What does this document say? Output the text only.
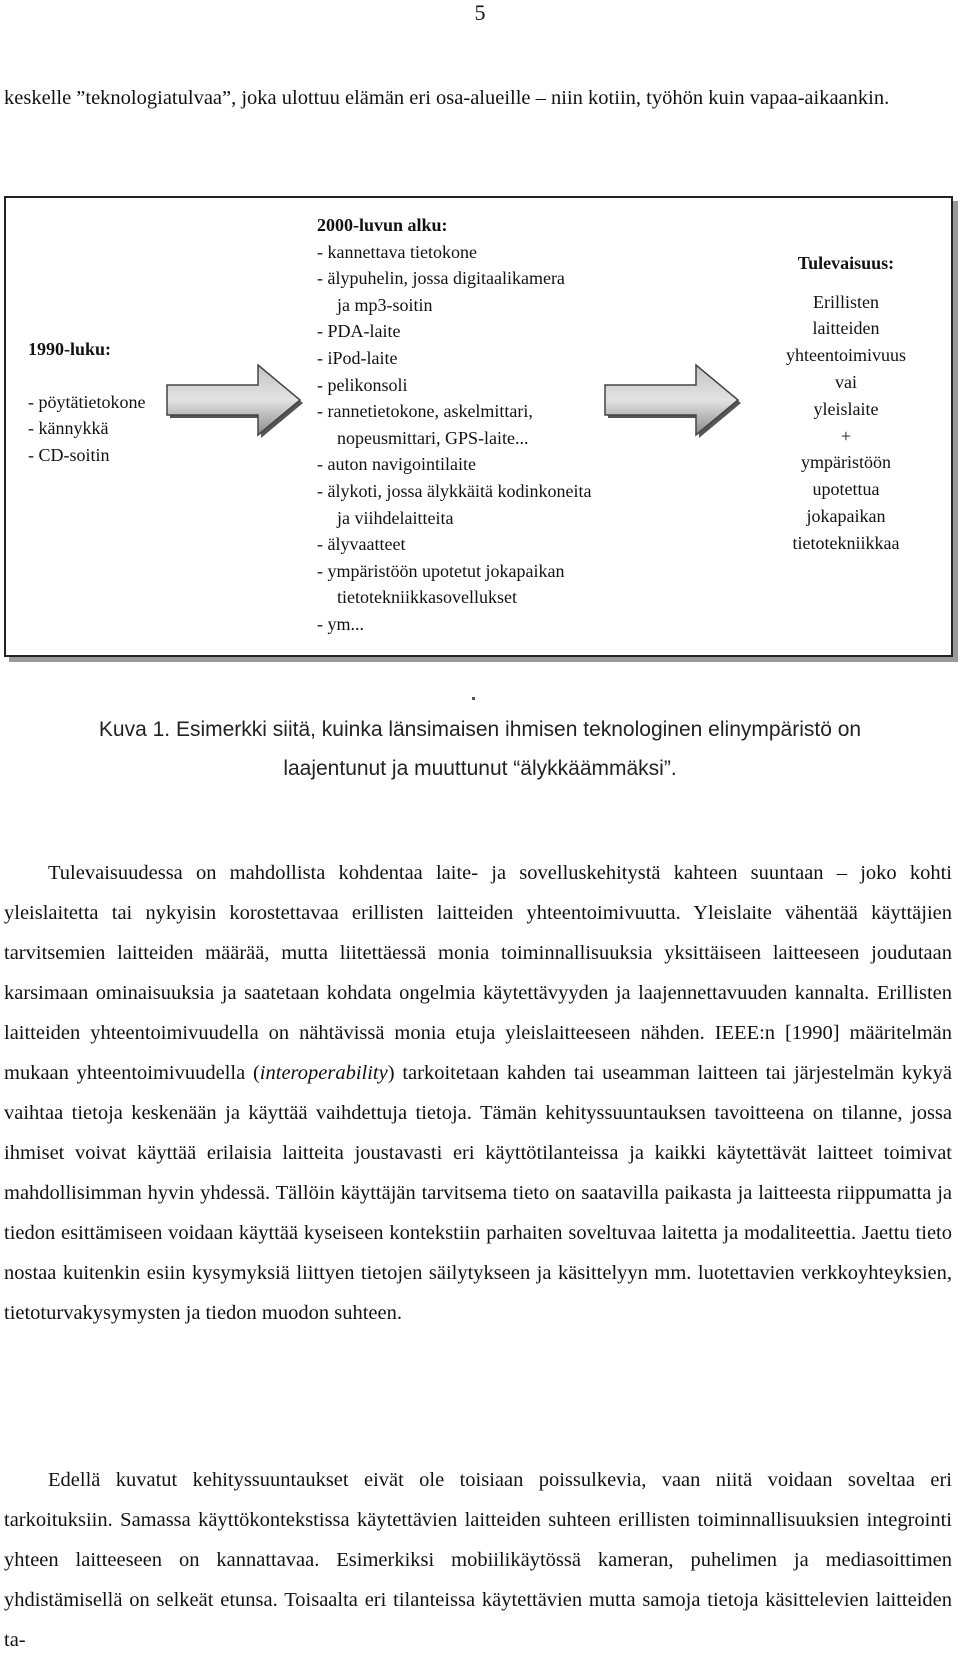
5

keskelle ”teknologiatulvaa”, joka ulottuu elämän eri osa-alueille – niin kotiin, työhön kuin vapaa-aikaankin.

1990-luku:
- pöytätietokone
- kännykkä
- CD-soitin
2000-luvun alku:
- kannettava tietokone
- älypuhelin, jossa digitaalikamera
ja mp3-soitin
- PDA-laite
- iPod-laite
- pelikonsoli
- rannetietokone, askelmittari,
nopeusmittari, GPS-laite...
- auton navigointilaite
- älykoti, jossa älykkäitä kodinkoneita
ja viihdelaitteita
- älyvaatteet
- ympäristöön upotetut jokapaikan
tietotekniikkasovellukset
- ym...
Tulevaisuus:
Erillisten
laitteiden
yhteentoimivuus
vai
yleislaite
+
ympäristöön
upotettua
jokapaikan
tietotekniikkaa
Kuva 1. Esimerkki siitä, kuinka länsimaisen ihmisen teknologinen elinympäristö on
laajentunut ja muuttunut “älykkäämmäksi”.

Tulevaisuudessa on mahdollista kohdentaa laite- ja sovelluskehitystä kahteen suuntaan – joko kohti yleislaitetta tai nykyisin korostettavaa erillisten laitteiden yhteentoimivuutta. Yleislaite vähentää käyttäjien tarvitsemien laitteiden määrää, mutta liitettäessä monia toiminnallisuuksia yksittäiseen laitteeseen joudutaan karsimaan ominaisuuksia ja saatetaan kohdata ongelmia käytettävyyden ja laajennettavuuden kannalta. Erillisten laitteiden yhteentoimivuudella on nähtävissä monia etuja yleislaitteeseen nähden. IEEE:n [1990] määritelmän mukaan yhteentoimivuudella (interoperability) tarkoitetaan kahden tai useamman laitteen tai järjestelmän kykyä vaihtaa tietoja keskenään ja käyttää vaihdettuja tietoja. Tämän kehityssuuntauksen tavoitteena on tilanne, jossa ihmiset voivat käyttää erilaisia laitteita joustavasti eri käyttötilanteissa ja kaikki käytettävät laitteet toimivat mahdollisimman hyvin yhdessä. Tällöin käyttäjän tarvitsema tieto on saatavilla paikasta ja laitteesta riippumatta ja tiedon esittämiseen voidaan käyttää kyseiseen kontekstiin parhaiten soveltuvaa laitetta ja modaliteettia. Jaettu tieto nostaa kuitenkin esiin kysymyksiä liittyen tietojen säilytykseen ja käsittelyyn mm. luotettavien verkkoyhteyksien, tietoturvakysymysten ja tiedon muodon suhteen.

Edellä kuvatut kehityssuuntaukset eivät ole toisiaan poissulkevia, vaan niitä voidaan soveltaa eri tarkoituksiin. Samassa käyttökontekstissa käytettävien laitteiden suhteen erillisten toiminnallisuuksien integrointi yhteen laitteeseen on kannattavaa. Esimerkiksi mobiilikäytössä kameran, puhelimen ja mediasoittimen yhdistämisellä on selkeät etunsa. Toisaalta eri tilanteissa käytettävien mutta samoja tietoja käsittelevien laitteiden ta-
